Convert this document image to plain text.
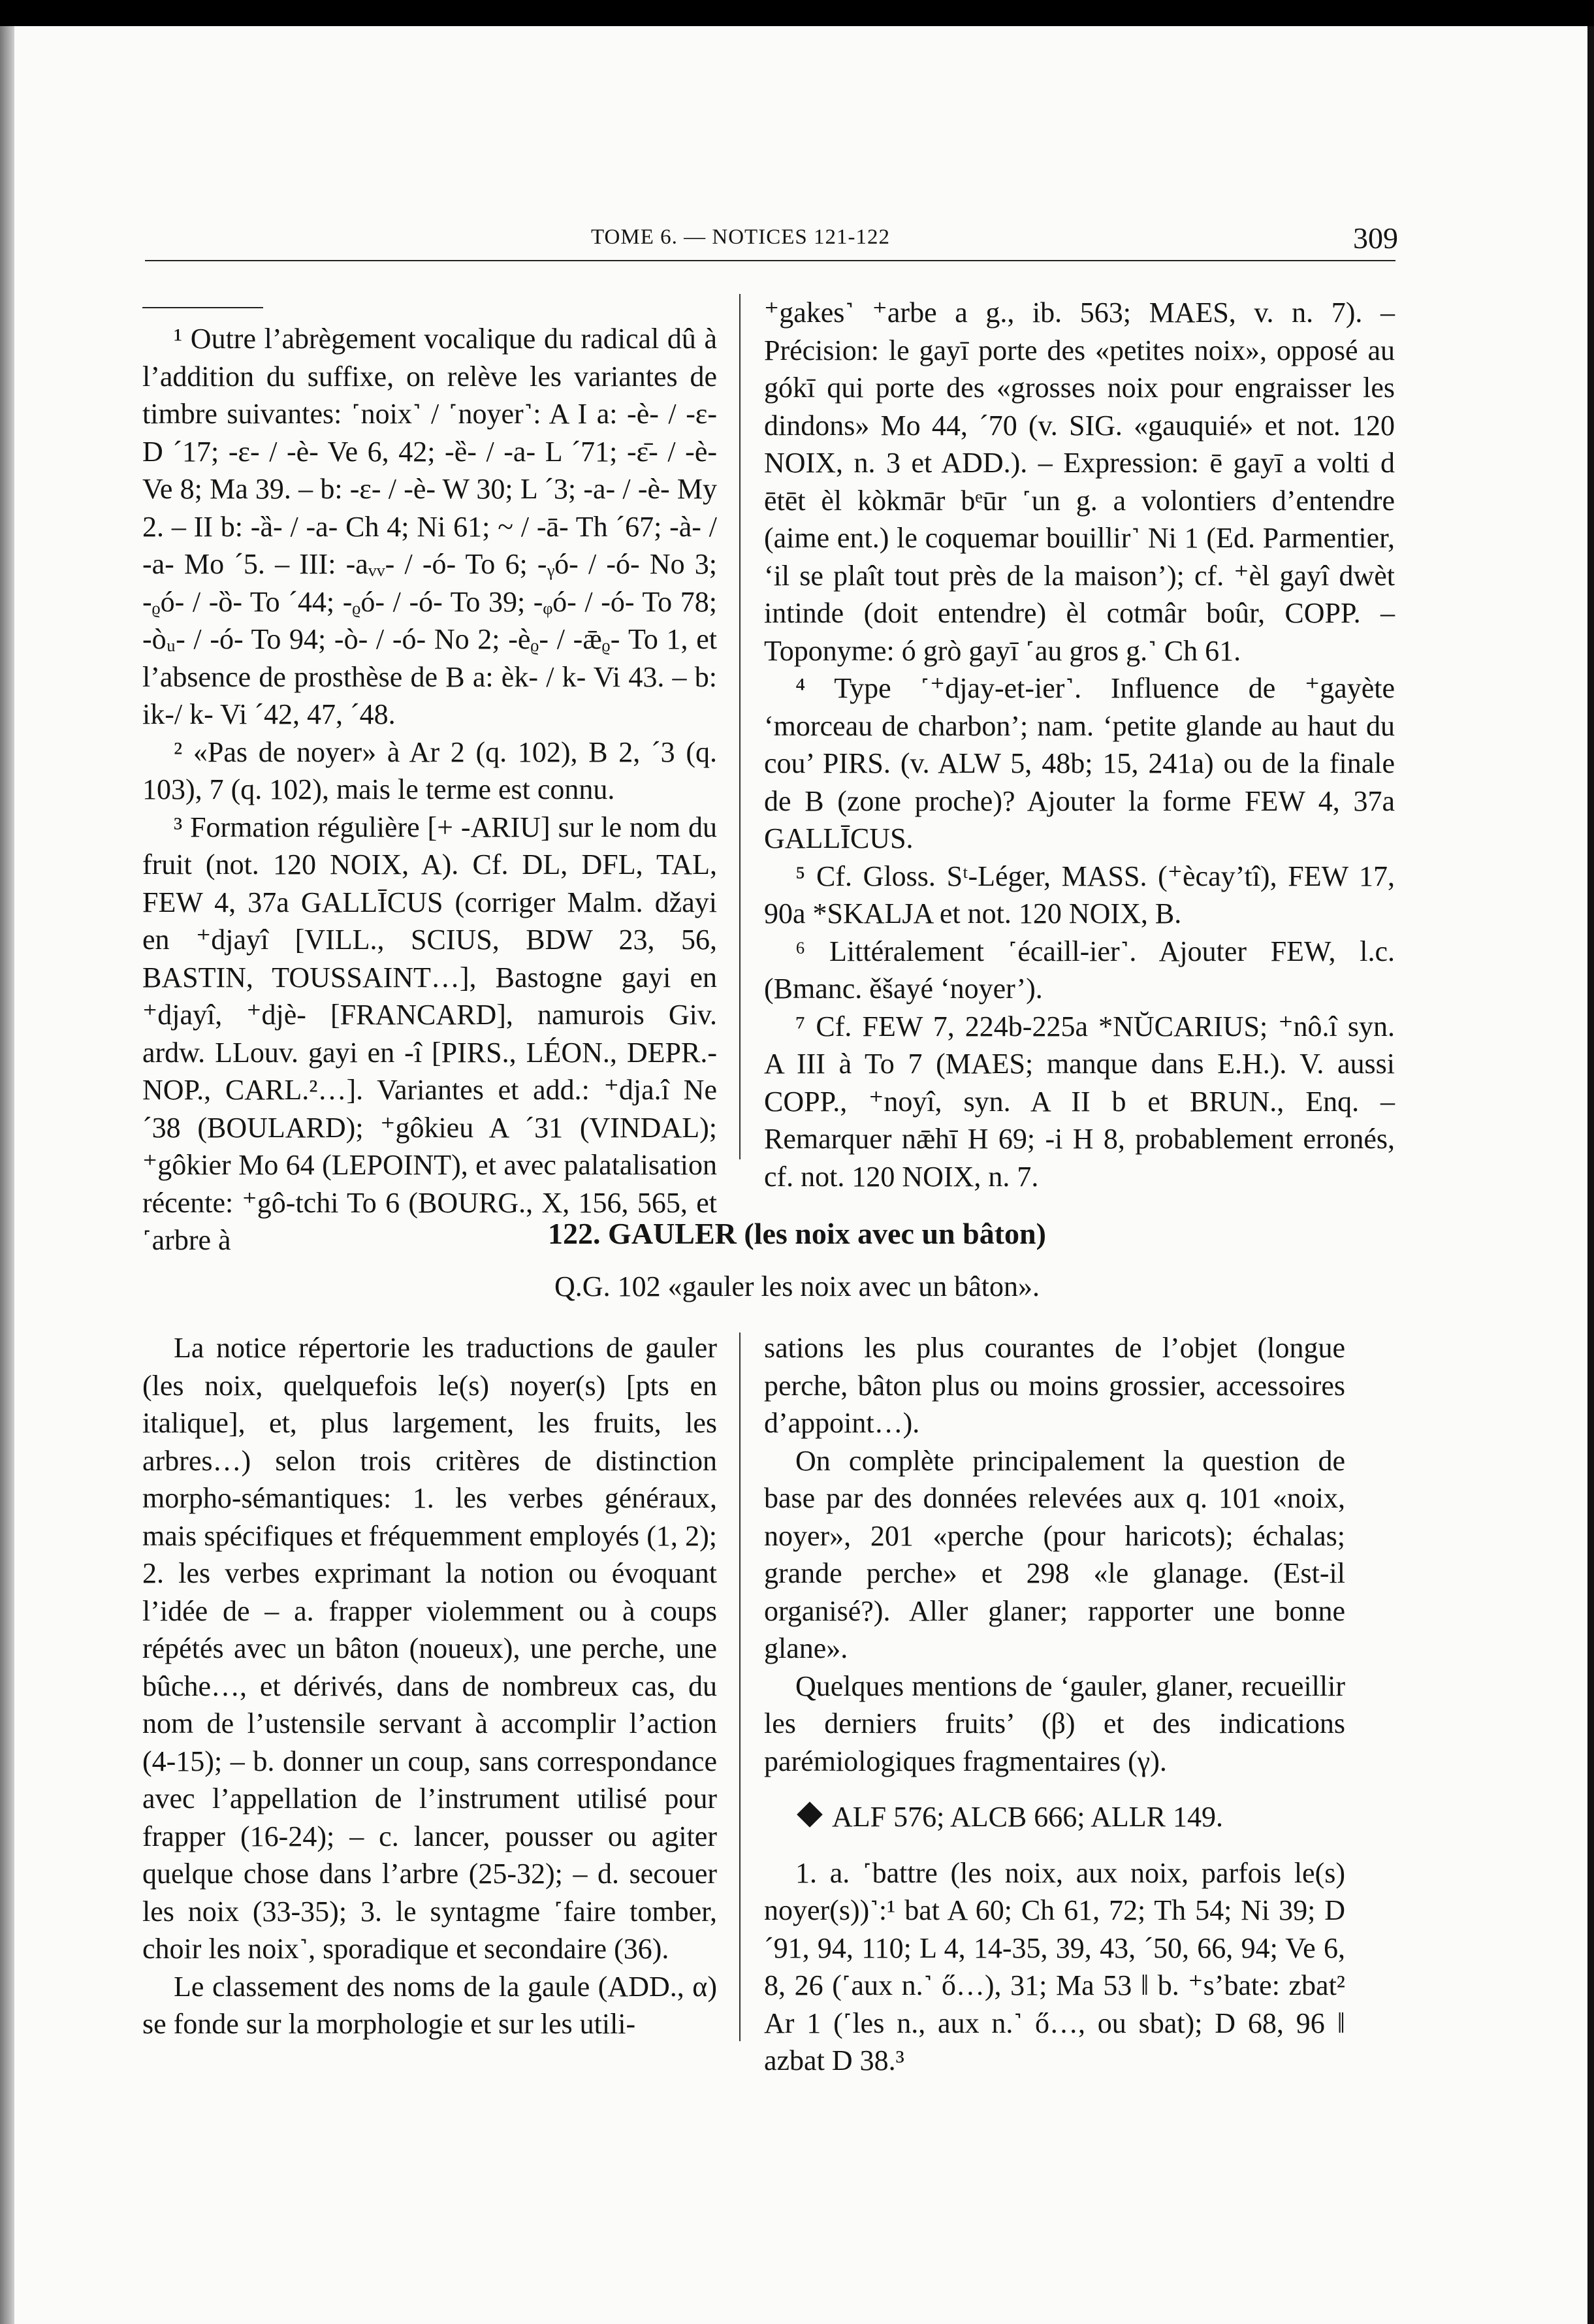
TOME 6. — NOTICES 121-122	309

¹ Outre l’abrègement vocalique du radical dû à l’addition du suffixe, on relève les variantes de timbre suivantes: ˹noix˺ / ˹noyer˺: A I a: -è- / -ɛ- D ´17; -ɛ- / -è- Ve 6, 42; -ȅ- / -a- L ´71; -ɛ̄- / -è- Ve 8; Ma 39. – b: -ɛ- / -è- W 30; L ´3; -a- / -è- My 2. – II b: -ȁ- / -a- Ch 4; Ni 61; ~ / -ā- Th ´67; -à- / -a- Mo ´5. – III: -aᵥᵥ- / -ó- To 6; -ᵧó- / -ó- No 3; -ᵨó- / -ȍ- To ´44; -ᵨó- / -ó- To 39; -ᵩó- / -ó- To 78; -òᵤ- / -ó- To 94; -ò- / -ó- No 2; -èᵨ- / -ǣᵨ- To 1, et l’absence de prosthèse de B a: èk- / k- Vi 43. – b: ik-/ k- Vi ´42, 47, ´48.

² «Pas de noyer» à Ar 2 (q. 102), B 2, ´3 (q. 103), 7 (q. 102), mais le terme est connu.

³ Formation régulière [+ -ARIU] sur le nom du fruit (not. 120 NOIX, A). Cf. DL, DFL, TAL, FEW 4, 37a GALLĪCUS (corriger Malm. džayi en ⁺djayî [VILL., SCIUS, BDW 23, 56, BASTIN, TOUSSAINT…], Bastogne gayi en ⁺djayî, ⁺djè- [FRANCARD], namurois Giv. ardw. LLouv. gayi en -î [PIRS., LÉON., DEPR.-NOP., CARL.²…]. Variantes et add.: ⁺dja.î Ne ´38 (BOULARD); ⁺gôkieu A ´31 (VINDAL); ⁺gôkier Mo 64 (LEPOINT), et avec palatalisation récente: ⁺gô-tchi To 6 (BOURG., X, 156, 565, et ˹arbre à

⁺gakes˺ ⁺arbe a g., ib. 563; MAES, v. n. 7). – Précision: le gayī porte des «petites noix», opposé au gókī qui porte des «grosses noix pour engraisser les dindons» Mo 44, ´70 (v. SIG. «gauquié» et not. 120 NOIX, n. 3 et ADD.). – Expression: ē gayī a volti d ētēt èl kòkmār bᵉūr ˹un g. a volontiers d’entendre (aime ent.) le coquemar bouillir˺ Ni 1 (Ed. Parmentier, ‘il se plaît tout près de la maison’); cf. ⁺èl gayî dwèt intinde (doit entendre) èl cotmâr boûr, COPP. – Toponyme: ó grò gayī ˹au gros g.˺ Ch 61.

⁴ Type ˹⁺djay-et-ier˺. Influence de ⁺gayète ‘morceau de charbon’; nam. ‘petite glande au haut du cou’ PIRS. (v. ALW 5, 48b; 15, 241a) ou de la finale de B (zone proche)? Ajouter la forme FEW 4, 37a GALLĪCUS.

⁵ Cf. Gloss. Sᵗ-Léger, MASS. (⁺ècay’tî), FEW 17, 90a *SKALJA et not. 120 NOIX, B.

⁶ Littéralement ˹écaill-ier˺. Ajouter FEW, l.c. (Bmanc. ěšayé ‘noyer’).

⁷ Cf. FEW 7, 224b-225a *NŬCARIUS; ⁺nô.î syn. A III à To 7 (MAES; manque dans E.H.). V. aussi COPP., ⁺noyî, syn. A II b et BRUN., Enq. – Remarquer nǣhī H 69; -i H 8, probablement erronés, cf. not. 120 NOIX, n. 7.

122. GAULER (les noix avec un bâton)
Q.G. 102 «gauler les noix avec un bâton».

La notice répertorie les traductions de gauler (les noix, quelquefois le(s) noyer(s) [pts en italique], et, plus largement, les fruits, les arbres…) selon trois critères de distinction morpho-sémantiques: 1. les verbes généraux, mais spécifiques et fréquemment employés (1, 2); 2. les verbes exprimant la notion ou évoquant l’idée de – a. frapper violemment ou à coups répétés avec un bâton (noueux), une perche, une bûche…, et dérivés, dans de nombreux cas, du nom de l’ustensile servant à accomplir l’action (4-15); – b. donner un coup, sans correspondance avec l’appellation de l’instrument utilisé pour frapper (16-24); – c. lancer, pousser ou agiter quelque chose dans l’arbre (25-32); – d. secouer les noix (33-35); 3. le syntagme ˹faire tomber, choir les noix˺, sporadique et secondaire (36).

Le classement des noms de la gaule (ADD., α) se fonde sur la morphologie et sur les utili-

sations les plus courantes de l’objet (longue perche, bâton plus ou moins grossier, accessoires d’appoint…).

On complète principalement la question de base par des données relevées aux q. 101 «noix, noyer», 201 «perche (pour haricots); échalas; grande perche» et 298 «le glanage. (Est-il organisé?). Aller glaner; rapporter une bonne glane».

Quelques mentions de ‘gauler, glaner, recueillir les derniers fruits’ (β) et des indications parémiologiques fragmentaires (γ).

ALF 576; ALCB 666; ALLR 149.

1. a. ˹battre (les noix, aux noix, parfois le(s) noyer(s))˺:¹ bat A 60; Ch 61, 72; Th 54; Ni 39; D ´91, 94, 110; L 4, 14-35, 39, 43, ´50, 66, 94; Ve 6, 8, 26 (˹aux n.˺ ő…), 31; Ma 53 ‖ b. ⁺s’bate: zbat² Ar 1 (˹les n., aux n.˺ ő…, ou sbat); D 68, 96 ‖ azbat D 38.³
